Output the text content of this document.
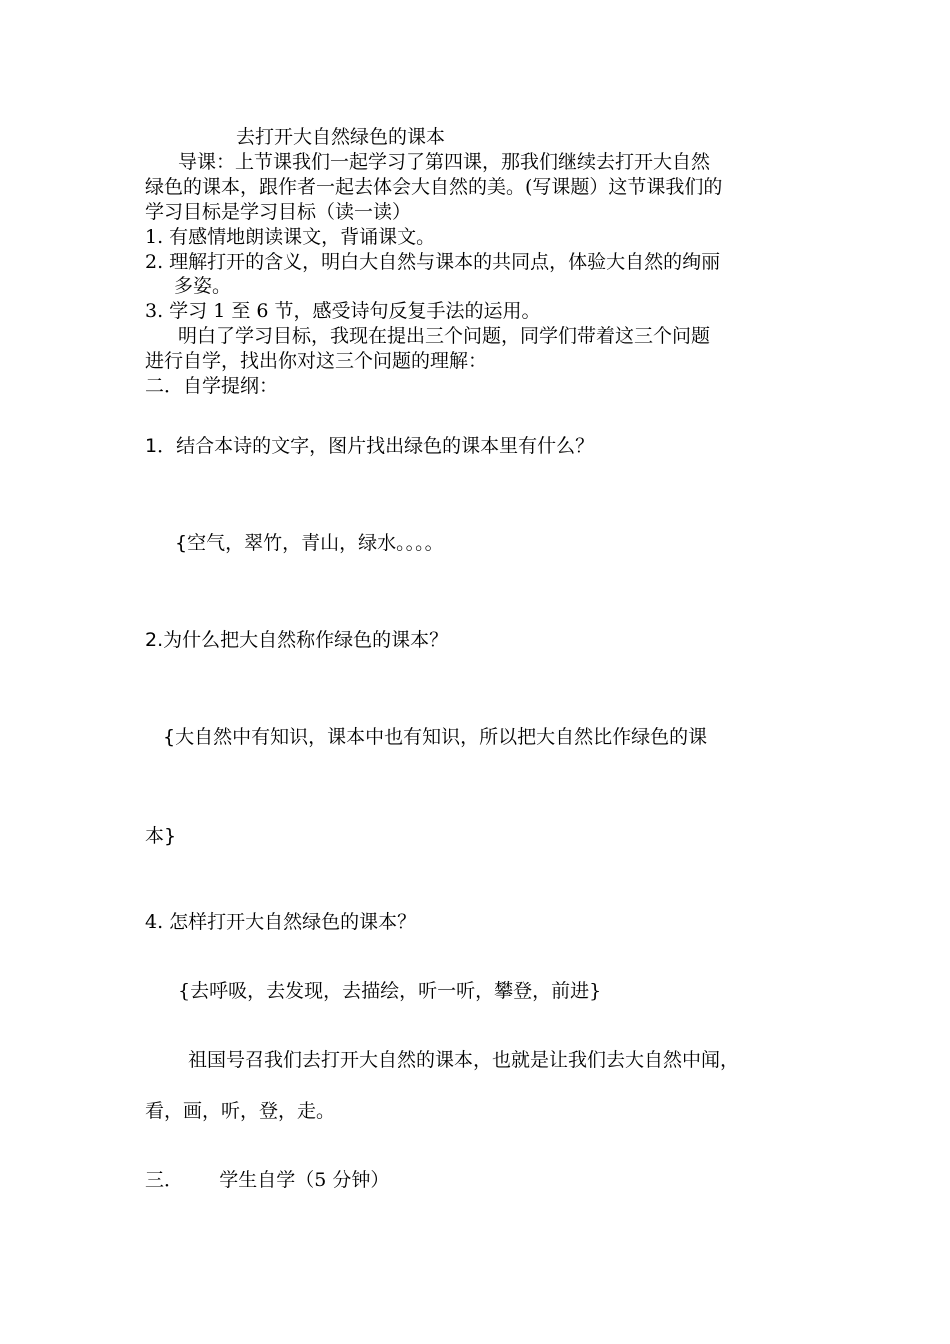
去打开大自然绿色的课本
导课：上节课我们一起学习了第四课，那我们继续去打开大自然
绿色的课本，跟作者一起去体会大自然的美。(写课题）这节课我们的
学习目标是学习目标（读一读）
1. 有感情地朗读课文，背诵课文。
2. 理解打开的含义，明白大自然与课本的共同点，体验大自然的绚丽
多姿。
3. 学习 1 至 6 节，感受诗句反复手法的运用。
明白了学习目标，我现在提出三个问题，同学们带着这三个问题
进行自学，找出你对这三个问题的理解：
二．自学提纲：
1．结合本诗的文字，图片找出绿色的课本里有什么？
{空气，翠竹，青山，绿水。。。。
2.为什么把大自然称作绿色的课本？
{大自然中有知识，课本中也有知识，所以把大自然比作绿色的课
本}
4. 怎样打开大自然绿色的课本？
{去呼吸，去发现，去描绘，听一听，攀登，前进}
祖国号召我们去打开大自然的课本，也就是让我们去大自然中闻，
看，画，听，登，走。
三．      学生自学（5 分钟）
